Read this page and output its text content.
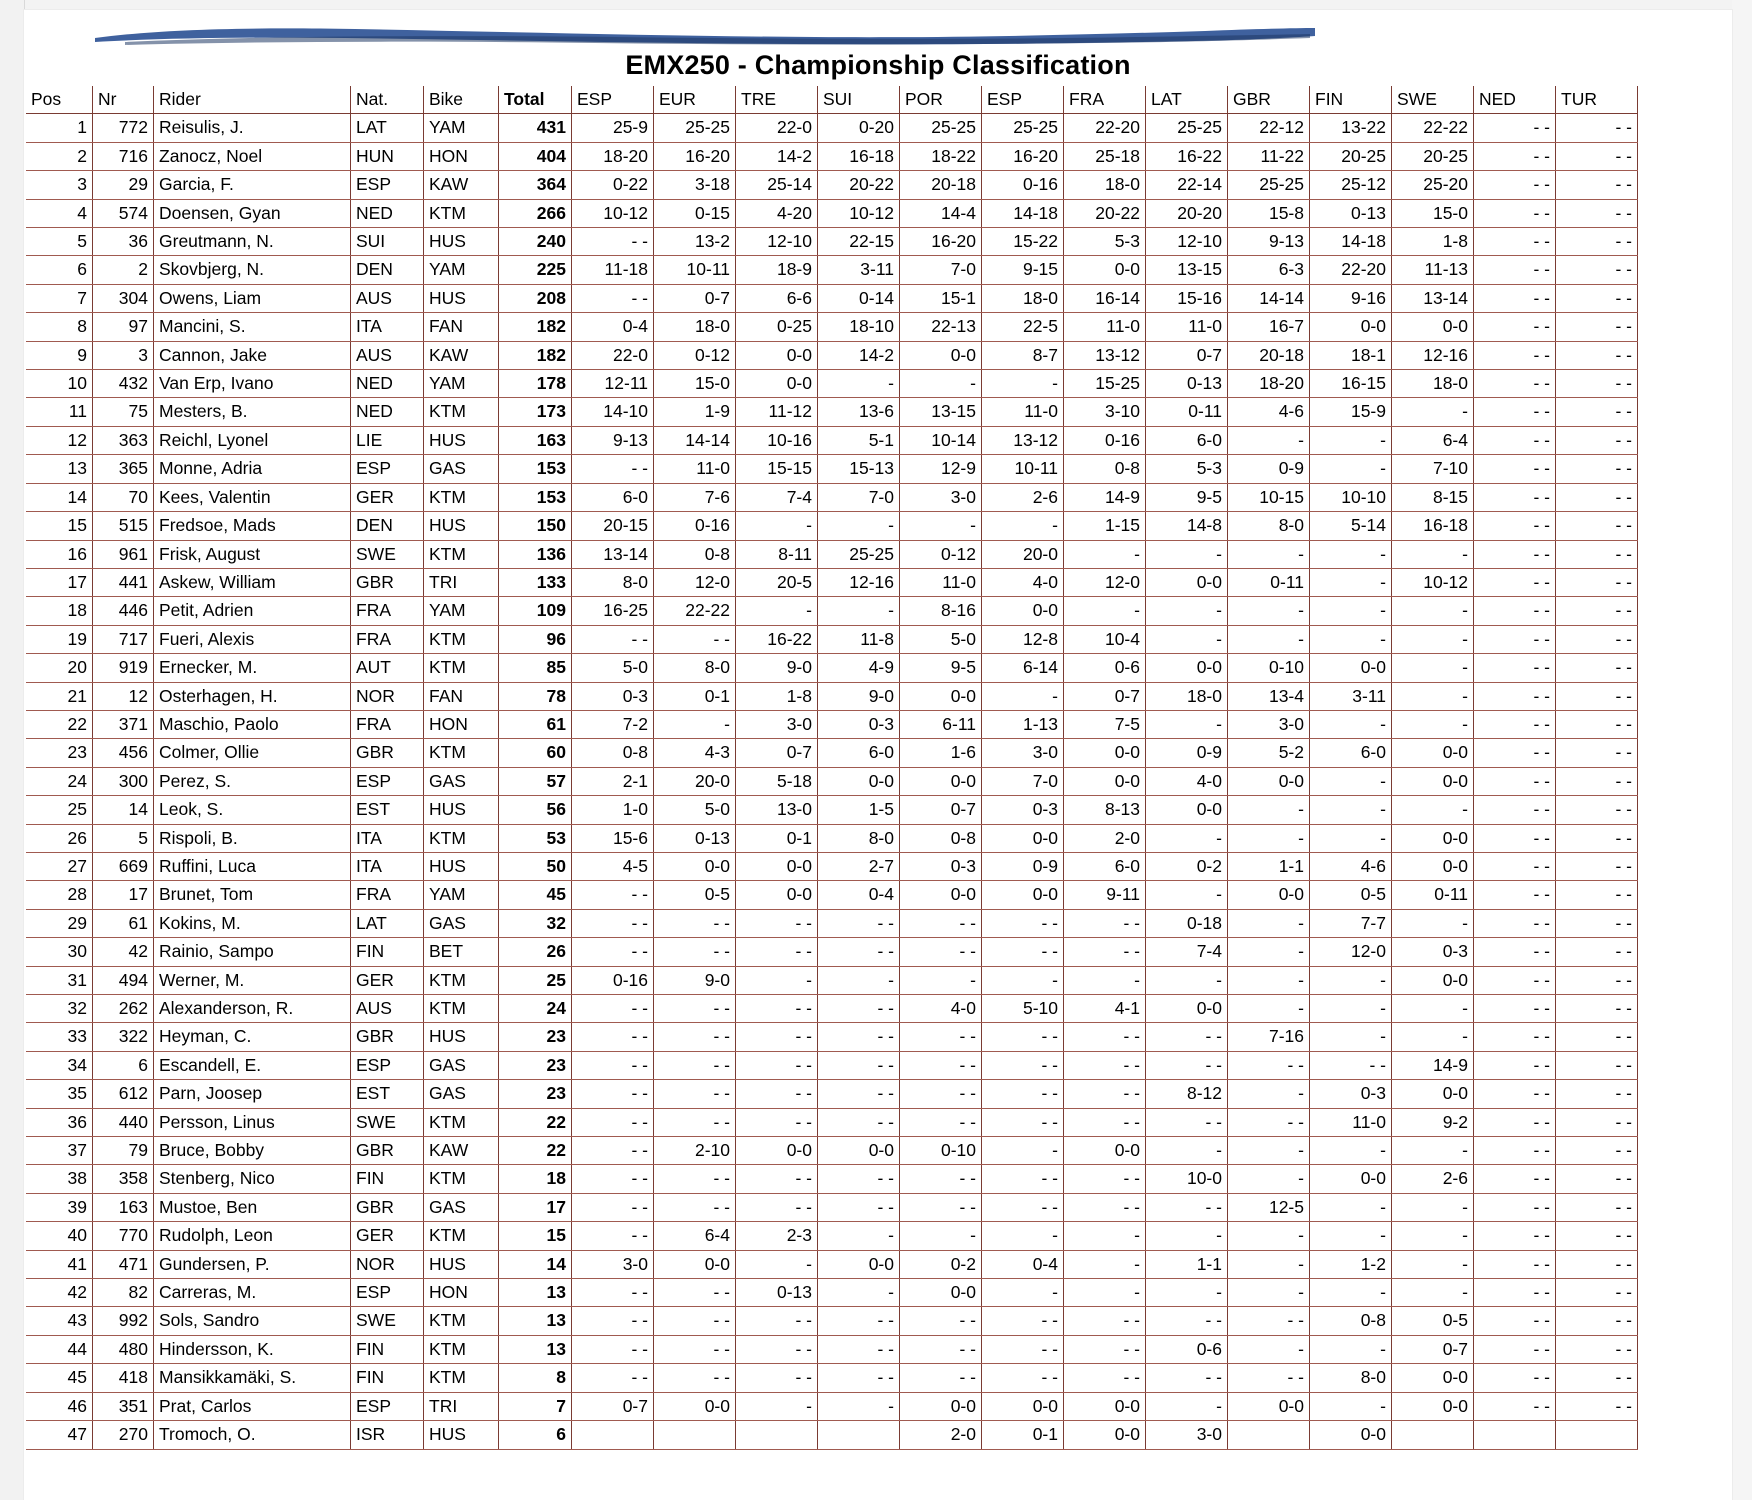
EMX250 - Championship Classification
Pos	Nr	Rider	Nat.	Bike	Total	ESP	EUR	TRE	SUI	POR	ESP	FRA	LAT	GBR	FIN	SWE	NED	TUR
1	772	Reisulis, J.	LAT	YAM	431	25-9	25-25	22-0	0-20	25-25	25-25	22-20	25-25	22-12	13-22	22-22	- -	- -
2	716	Zanocz, Noel	HUN	HON	404	18-20	16-20	14-2	16-18	18-22	16-20	25-18	16-22	11-22	20-25	20-25	- -	- -
3	29	Garcia, F.	ESP	KAW	364	0-22	3-18	25-14	20-22	20-18	0-16	18-0	22-14	25-25	25-12	25-20	- -	- -
4	574	Doensen, Gyan	NED	KTM	266	10-12	0-15	4-20	10-12	14-4	14-18	20-22	20-20	15-8	0-13	15-0	- -	- -
5	36	Greutmann, N.	SUI	HUS	240	- -	13-2	12-10	22-15	16-20	15-22	5-3	12-10	9-13	14-18	1-8	- -	- -
6	2	Skovbjerg, N.	DEN	YAM	225	11-18	10-11	18-9	3-11	7-0	9-15	0-0	13-15	6-3	22-20	11-13	- -	- -
7	304	Owens, Liam	AUS	HUS	208	- -	0-7	6-6	0-14	15-1	18-0	16-14	15-16	14-14	9-16	13-14	- -	- -
8	97	Mancini, S.	ITA	FAN	182	0-4	18-0	0-25	18-10	22-13	22-5	11-0	11-0	16-7	0-0	0-0	- -	- -
9	3	Cannon, Jake	AUS	KAW	182	22-0	0-12	0-0	14-2	0-0	8-7	13-12	0-7	20-18	18-1	12-16	- -	- -
10	432	Van Erp, Ivano	NED	YAM	178	12-11	15-0	0-0	-	-	-	15-25	0-13	18-20	16-15	18-0	- -	- -
11	75	Mesters, B.	NED	KTM	173	14-10	1-9	11-12	13-6	13-15	11-0	3-10	0-11	4-6	15-9	-	- -	- -
12	363	Reichl, Lyonel	LIE	HUS	163	9-13	14-14	10-16	5-1	10-14	13-12	0-16	6-0	-	-	6-4	- -	- -
13	365	Monne, Adria	ESP	GAS	153	- -	11-0	15-15	15-13	12-9	10-11	0-8	5-3	0-9	-	7-10	- -	- -
14	70	Kees, Valentin	GER	KTM	153	6-0	7-6	7-4	7-0	3-0	2-6	14-9	9-5	10-15	10-10	8-15	- -	- -
15	515	Fredsoe, Mads	DEN	HUS	150	20-15	0-16	-	-	-	-	1-15	14-8	8-0	5-14	16-18	- -	- -
16	961	Frisk, August	SWE	KTM	136	13-14	0-8	8-11	25-25	0-12	20-0	-	-	-	-	-	- -	- -
17	441	Askew, William	GBR	TRI	133	8-0	12-0	20-5	12-16	11-0	4-0	12-0	0-0	0-11	-	10-12	- -	- -
18	446	Petit, Adrien	FRA	YAM	109	16-25	22-22	-	-	8-16	0-0	-	-	-	-	-	- -	- -
19	717	Fueri, Alexis	FRA	KTM	96	- -	- -	16-22	11-8	5-0	12-8	10-4	-	-	-	-	- -	- -
20	919	Ernecker, M.	AUT	KTM	85	5-0	8-0	9-0	4-9	9-5	6-14	0-6	0-0	0-10	0-0	-	- -	- -
21	12	Osterhagen, H.	NOR	FAN	78	0-3	0-1	1-8	9-0	0-0	-	0-7	18-0	13-4	3-11	-	- -	- -
22	371	Maschio, Paolo	FRA	HON	61	7-2	-	3-0	0-3	6-11	1-13	7-5	-	3-0	-	-	- -	- -
23	456	Colmer, Ollie	GBR	KTM	60	0-8	4-3	0-7	6-0	1-6	3-0	0-0	0-9	5-2	6-0	0-0	- -	- -
24	300	Perez, S.	ESP	GAS	57	2-1	20-0	5-18	0-0	0-0	7-0	0-0	4-0	0-0	-	0-0	- -	- -
25	14	Leok, S.	EST	HUS	56	1-0	5-0	13-0	1-5	0-7	0-3	8-13	0-0	-	-	-	- -	- -
26	5	Rispoli, B.	ITA	KTM	53	15-6	0-13	0-1	8-0	0-8	0-0	2-0	-	-	-	0-0	- -	- -
27	669	Ruffini, Luca	ITA	HUS	50	4-5	0-0	0-0	2-7	0-3	0-9	6-0	0-2	1-1	4-6	0-0	- -	- -
28	17	Brunet, Tom	FRA	YAM	45	- -	0-5	0-0	0-4	0-0	0-0	9-11	-	0-0	0-5	0-11	- -	- -
29	61	Kokins, M.	LAT	GAS	32	- -	- -	- -	- -	- -	- -	- -	0-18	-	7-7	-	- -	- -
30	42	Rainio, Sampo	FIN	BET	26	- -	- -	- -	- -	- -	- -	- -	7-4	-	12-0	0-3	- -	- -
31	494	Werner, M.	GER	KTM	25	0-16	9-0	-	-	-	-	-	-	-	-	0-0	- -	- -
32	262	Alexanderson, R.	AUS	KTM	24	- -	- -	- -	- -	4-0	5-10	4-1	0-0	-	-	-	- -	- -
33	322	Heyman, C.	GBR	HUS	23	- -	- -	- -	- -	- -	- -	- -	- -	7-16	-	-	- -	- -
34	6	Escandell, E.	ESP	GAS	23	- -	- -	- -	- -	- -	- -	- -	- -	- -	- -	14-9	- -	- -
35	612	Parn, Joosep	EST	GAS	23	- -	- -	- -	- -	- -	- -	- -	8-12	-	0-3	0-0	- -	- -
36	440	Persson, Linus	SWE	KTM	22	- -	- -	- -	- -	- -	- -	- -	- -	- -	11-0	9-2	- -	- -
37	79	Bruce, Bobby	GBR	KAW	22	- -	2-10	0-0	0-0	0-10	-	0-0	-	-	-	-	- -	- -
38	358	Stenberg, Nico	FIN	KTM	18	- -	- -	- -	- -	- -	- -	- -	10-0	-	0-0	2-6	- -	- -
39	163	Mustoe, Ben	GBR	GAS	17	- -	- -	- -	- -	- -	- -	- -	- -	12-5	-	-	- -	- -
40	770	Rudolph, Leon	GER	KTM	15	- -	6-4	2-3	-	-	-	-	-	-	-	-	- -	- -
41	471	Gundersen, P.	NOR	HUS	14	3-0	0-0	-	0-0	0-2	0-4	-	1-1	-	1-2	-	- -	- -
42	82	Carreras, M.	ESP	HON	13	- -	- -	0-13	-	0-0	-	-	-	-	-	-	- -	- -
43	992	Sols, Sandro	SWE	KTM	13	- -	- -	- -	- -	- -	- -	- -	- -	- -	0-8	0-5	- -	- -
44	480	Hindersson, K.	FIN	KTM	13	- -	- -	- -	- -	- -	- -	- -	0-6	-	-	0-7	- -	- -
45	418	Mansikkamäki, S.	FIN	KTM	8	- -	- -	- -	- -	- -	- -	- -	- -	- -	8-0	0-0	- -	- -
46	351	Prat, Carlos	ESP	TRI	7	0-7	0-0	-	-	0-0	0-0	0-0	-	0-0	-	0-0	- -	- -
47	270	Tromoch, O.	ISR	HUS	6					2-0	0-1	0-0	3-0		0-0			
